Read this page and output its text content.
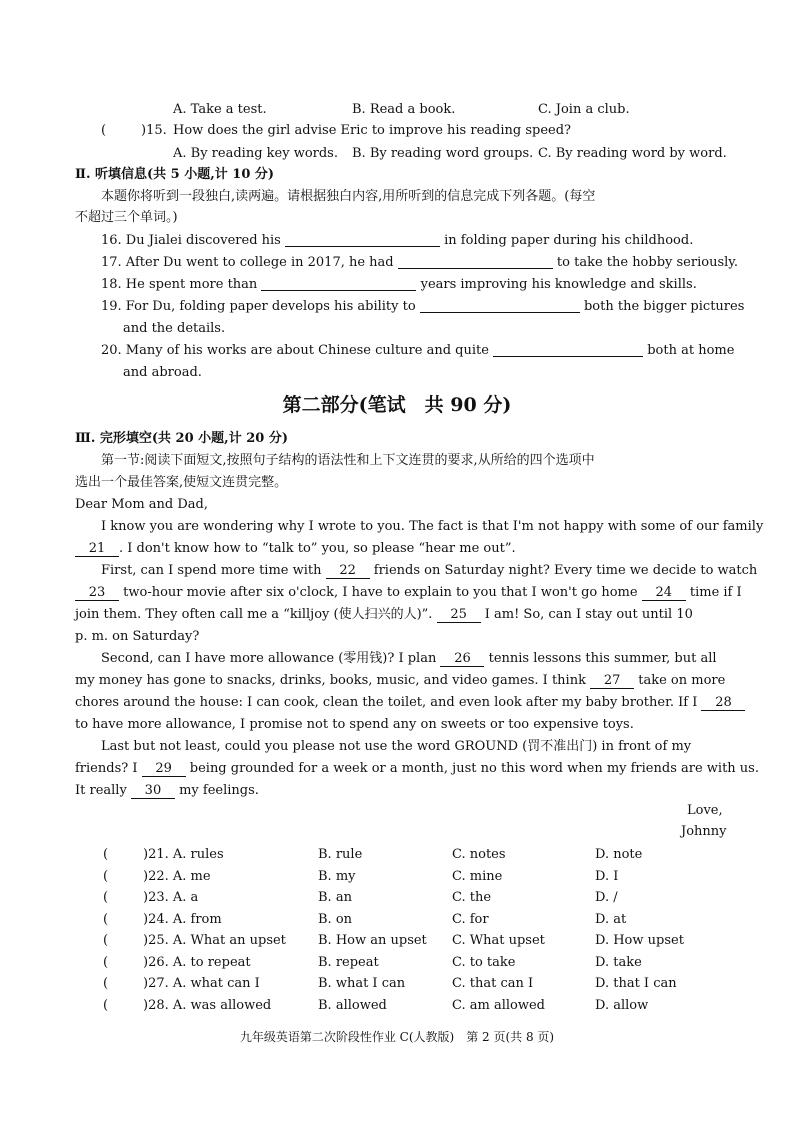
A. Take a test.	B. Read a book.	C. Join a club.
(	)15. How does the girl advise Eric to improve his reading speed?
A. By reading key words. B. By reading word groups. C. By reading word by word.
Ⅱ. 听填信息(共 5 小题,计 10 分)
本题你将听到一段独白,读两遍。请根据独白内容,用所听到的信息完成下列各题。(每空
不超过三个单词。)
16. Du Jialei discovered his	in folding paper during his childhood.
17. After Du went to college in 2017, he had	to take the hobby seriously.
18. He spent more than	years improving his knowledge and skills.
19. For Du, folding paper develops his ability to	both the bigger pictures
and the details.
20. Many of his works are about Chinese culture and quite	both at home
and abroad.
第二部分(笔试　共 90 分)
Ⅲ. 完形填空(共 20 小题,计 20 分)
第一节:阅读下面短文,按照句子结构的语法性和上下文连贯的要求,从所给的四个选项中
选出一个最佳答案,使短文连贯完整。
Dear Mom and Dad,
I know you are wondering why I wrote to you. The fact is that I'm not happy with some of our family
21 . I don't know how to “talk to” you, so please “hear me out”.
First, can I spend more time with 22 friends on Saturday night? Every time we decide to watch
23 two-hour movie after six o'clock, I have to explain to you that I won't go home 24 time if I
join them. They often call me a “killjoy (使人扫兴的人)”. 25 I am! So, can I stay out until 10
p. m. on Saturday?
Second, can I have more allowance (零用钱)? I plan 26 tennis lessons this summer, but all
my money has gone to snacks, drinks, books, music, and video games. I think 27 take on more
chores around the house: I can cook, clean the toilet, and even look after my baby brother. If I 28
to have more allowance, I promise not to spend any on sweets or too expensive toys.
Last but not least, could you please not use the word GROUND (罚不准出门) in front of my
friends? I 29 being grounded for a week or a month, just no this word when my friends are with us.
It really 30 my feelings.
Love,
Johnny
(	)21. A. rules	B. rule	C. notes	D. note
(	)22. A. me	B. my	C. mine	D. I
(	)23. A. a	B. an	C. the	D. /
(	)24. A. from	B. on	C. for	D. at
(	)25. A. What an upset B. How an upset C. What upset	D. How upset
(	)26. A. to repeat	B. repeat	C. to take	D. take
(	)27. A. what can I	B. what I can	C. that can I	D. that I can
(	)28. A. was allowed	B. allowed	C. am allowed	D. allow
九年级英语第二次阶段性作业 C(人教版)　第 2 页(共 8 页)
